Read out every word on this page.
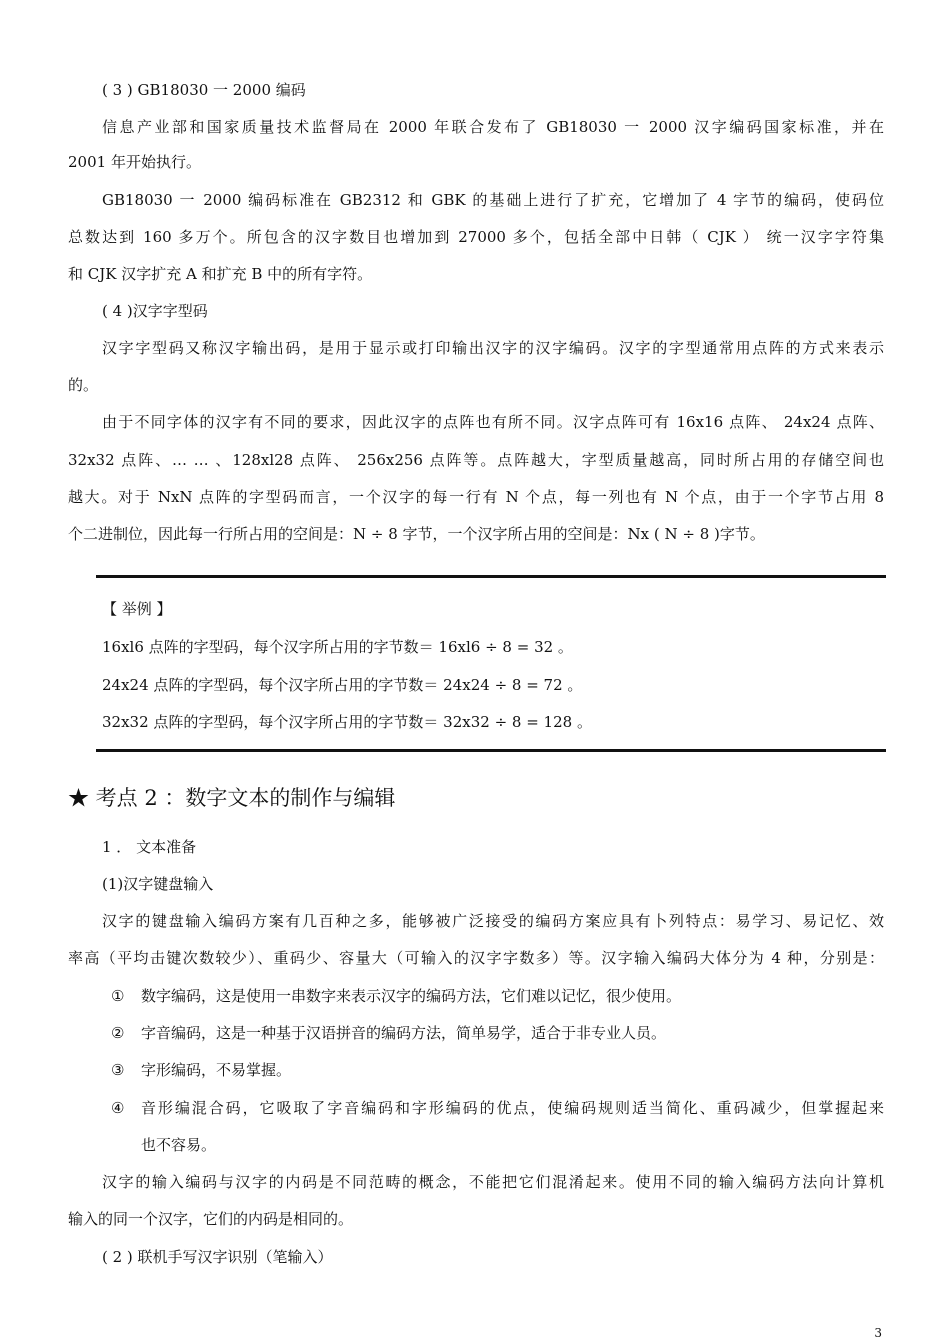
( 3 ) GB18030 一 2000 编码
信息产业部和国家质量技术监督局在 2000 年联合发布了 GB18030 一 2000 汉字编码国家标准，并在
2001 年开始执行。
GB18030 一 2000 编码标准在 GB2312 和 GBK 的基础上进行了扩充，它增加了 4 字节的编码，使码位
总数达到 160 多万个。所包含的汉字数目也增加到 27000 多个，包括全部中日韩（ CJK ） 统一汉字字符集
和 CJK 汉字扩充 A 和扩充 B 中的所有字符。
( 4 )汉字字型码
汉字字型码又称汉字输出码，是用于显示或打印输出汉字的汉字编码。汉字的字型通常用点阵的方式来表示
的。
由于不同字体的汉字有不同的要求，因此汉字的点阵也有所不同。汉字点阵可有 16x16 点阵、 24x24 点阵、
32x32 点阵、… … 、128xl28 点阵、 256x256 点阵等。点阵越大，字型质量越高，同时所占用的存储空间也
越大。对于 NxN 点阵的字型码而言，一个汉字的每一行有 N 个点，每一列也有 N 个点，由于一个字节占用 8
个二进制位，因此每一行所占用的空间是：N ÷ 8 字节，一个汉字所占用的空间是：Nx ( N ÷ 8 )字节。
【 举例 】
16xl6 点阵的字型码，每个汉字所占用的字节数＝ 16xl6 ÷ 8 = 32 。
24x24 点阵的字型码，每个汉字所占用的字节数＝ 24x24 ÷ 8 = 72 。
32x32 点阵的字型码，每个汉字所占用的字节数＝ 32x32 ÷ 8 = 128 。
★ 考点 2 ：数字文本的制作与编辑
1 ． 文本准备
(1)汉字键盘输入
汉字的键盘输入编码方案有几百种之多，能够被广泛接受的编码方案应具有卜列特点：易学习、易记忆、效
率高（平均击键次数较少）、重码少、容量大（可输入的汉字字数多）等。汉字输入编码大体分为 4 种，分别是：
① 数字编码，这是使用一串数字来表示汉字的编码方法，它们难以记忆，很少使用。
② 字音编码，这是一种基于汉语拼音的编码方法，简单易学，适合于非专业人员。
③ 字形编码，不易掌握。
④ 音形编混合码，它吸取了字音编码和字形编码的优点，使编码规则适当简化、重码减少，但掌握起来
也不容易。
汉字的输入编码与汉字的内码是不同范畴的概念，不能把它们混淆起来。使用不同的输入编码方法向计算机
输入的同一个汉字，它们的内码是相同的。
( 2 ) 联机手写汉字识别（笔输入）
3
